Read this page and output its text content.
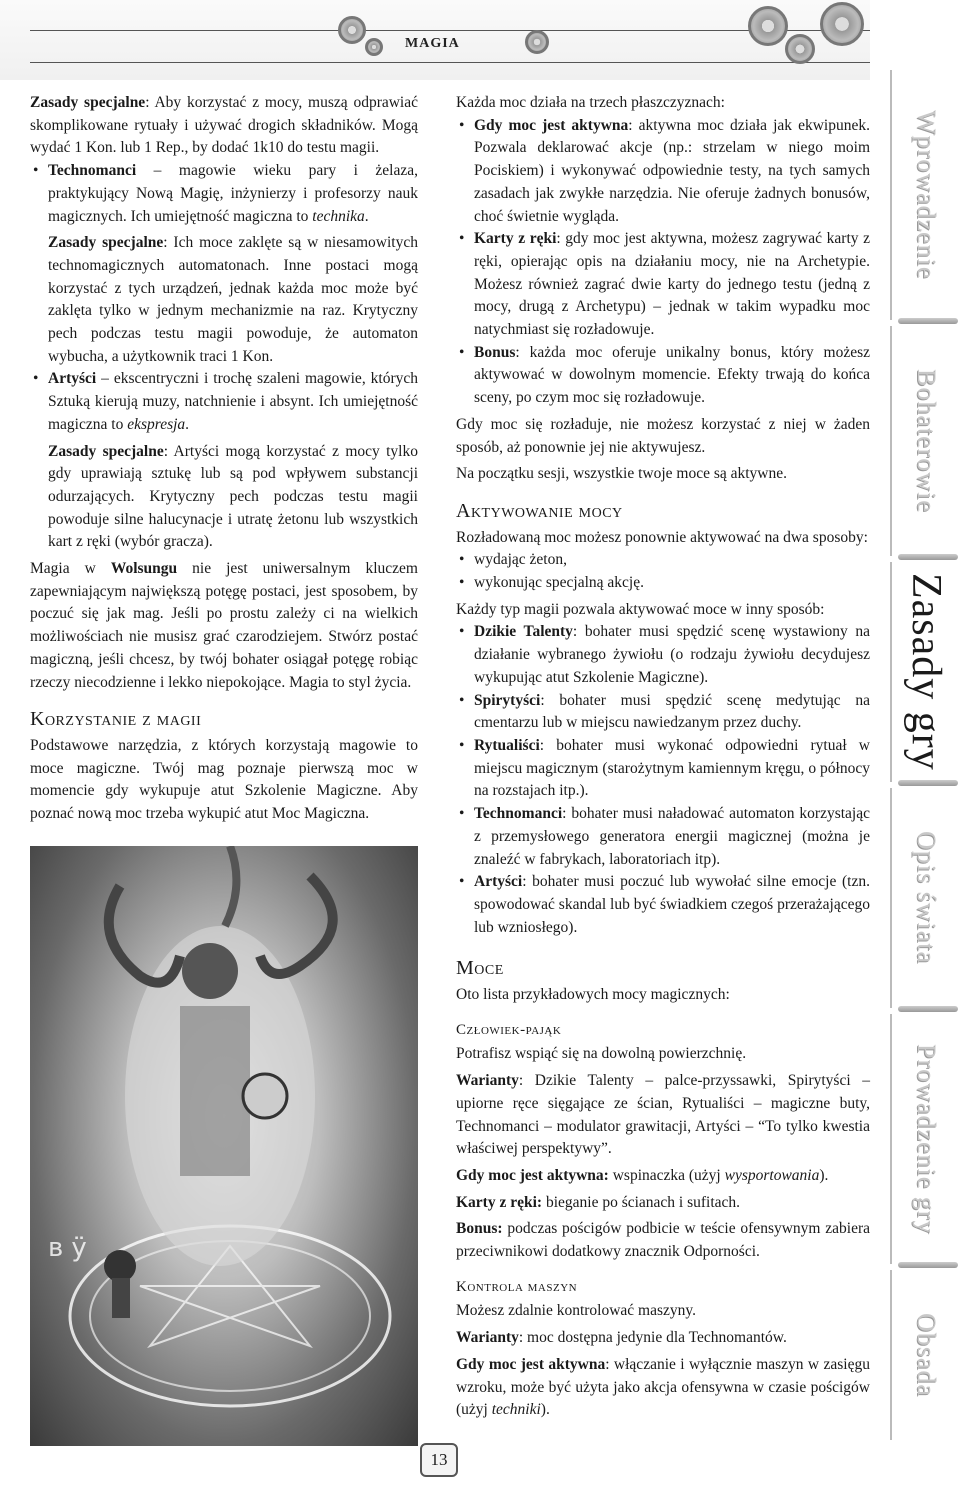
MAGIA

Zasady specjalne: Aby korzystać z mocy, muszą odprawiać skomplikowane rytuały i używać drogich składników. Mogą wydać 1 Kon. lub 1 Rep., by dodać 1k10 do testu magii.

• Technomanci – magowie wieku pary i żelaza, praktykujący Nową Magię, inżynierzy i profesorzy nauk magicznych. Ich umiejętność magiczna to technika.

Zasady specjalne: Ich moce zaklęte są w niesamowitych technomagicznych automatonach. Inne postaci mogą korzystać z tych urządzeń, jednak każda moc może być zaklęta tylko w jednym mechanizmie na raz. Krytyczny pech podczas testu magii powoduje, że automaton wybucha, a użytkownik traci 1 Kon.

• Artyści – ekscentryczni i trochę szaleni magowie, których Sztuką kierują muzy, natchnienie i absynt. Ich umiejętność magiczna to ekspresja.

Zasady specjalne: Artyści mogą korzystać z mocy tylko gdy uprawiają sztukę lub są pod wpływem substancji odurzających. Krytyczny pech podczas testu magii powoduje silne halucynacje i utratę żetonu lub wszystkich kart z ręki (wybór gracza).

Magia w Wolsungu nie jest uniwersalnym kluczem zapewniającym największą potęgę postaci, jest sposobem, by poczuć się jak mag. Jeśli po prostu zależy ci na wielkich możliwościach nie musisz grać czarodziejem. Stwórz postać magiczną, jeśli chcesz, by twój bohater osiągał potęgę robiąc rzeczy niecodzienne i lekko niepokojące. Magia to styl życia.

Korzystanie z magii

Podstawowe narzędzia, z których korzystają magowie to moce magiczne. Twój mag poznaje pierwszą moc w momencie gdy wykupuje atut Szkolenie Magiczne. Aby poznać nową moc trzeba wykupić atut Moc Magiczna.

ʙ ÿ

Każda moc działa na trzech płaszczyznach:

• Gdy moc jest aktywna: aktywna moc działa jak ekwipunek. Pozwala deklarować akcje (np.: strzelam w niego moim Pociskiem) i wykonywać odpowiednie testy, na tych samych zasadach jak zwykłe narzędzia. Nie oferuje żadnych bonusów, choć świetnie wygląda.

• Karty z ręki: gdy moc jest aktywna, możesz zagrywać karty z ręki, opierając opis na działaniu mocy, nie na Archetypie. Możesz również zagrać dwie karty do jednego testu (jedną z mocy, drugą z Archetypu) – jednak w takim wypadku moc natychmiast się rozładowuje.

• Bonus: każda moc oferuje unikalny bonus, który możesz aktywować w dowolnym momencie. Efekty trwają do końca sceny, po czym moc się rozładowuje.

Gdy moc się rozładuje, nie możesz korzystać z niej w żaden sposób, aż ponownie jej nie aktywujesz.

Na początku sesji, wszystkie twoje moce są aktywne.

Aktywowanie mocy

Rozładowaną moc możesz ponownie aktywować na dwa sposoby:

• wydając żeton,

• wykonując specjalną akcję.

Każdy typ magii pozwala aktywować moce w inny sposób:

• Dzikie Talenty: bohater musi spędzić scenę wystawiony na działanie wybranego żywiołu (o rodzaju żywiołu decydujesz wykupując atut Szkolenie Magiczne).

• Spirytyści: bohater musi spędzić scenę medytując na cmentarzu lub w miejscu nawiedzanym przez duchy.

• Rytualiści: bohater musi wykonać odpowiedni rytuał w miejscu magicznym (starożytnym kamiennym kręgu, o północy na rozstajach itp.).

• Technomanci: bohater musi naładować automaton korzystając z przemysłowego generatora energii magicznej (można je znaleźć w fabrykach, laboratoriach itp).

• Artyści: bohater musi poczuć lub wywołać silne emocje (tzn. spowodować skandal lub być świadkiem czegoś przerażającego lub wzniosłego).

Moce

Oto lista przykładowych mocy magicznych:

Człowiek-pająk

Potrafisz wspiąć się na dowolną powierzchnię.

Warianty: Dzikie Talenty – palce-przyssawki, Spirytyści – upiorne ręce sięgające ze ścian, Rytualiści – magiczne buty, Technomanci – modulator grawitacji, Artyści – “To tylko kwestia właściwej perspektywy”.

Gdy moc jest aktywna: wspinaczka (użyj wysportowania).

Karty z ręki: bieganie po ścianach i sufitach.

Bonus: podczas pościgów podbicie w teście ofensywnym zabiera przeciwnikowi dodatkowy znacznik Odporności.

Kontrola maszyn

Możesz zdalnie kontrolować maszyny.

Warianty: moc dostępna jedynie dla Technomantów.

Gdy moc jest aktywna: włączanie i wyłącznie maszyn w zasięgu wzroku, może być użyta jako akcja ofensywna w czasie pościgów (użyj techniki).

13
Wprowadzenie
Bohaterowie
Zasady gry
Opis świata
Prowadzenie gry
Obsada
